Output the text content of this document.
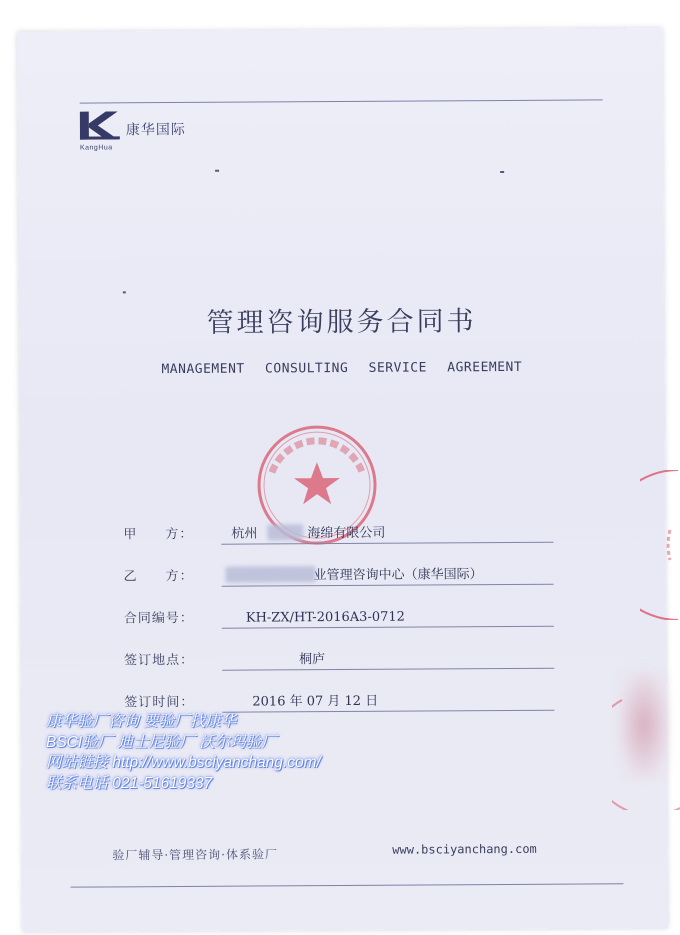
康华国际
KangHua
管理咨询服务合同书
MANAGEMENT CONSULTING SERVICE AGREEMENT
甲　　方：	杭州	海绵有限公司
乙　　方：	业管理咨询中心（康华国际）
合同编号：	KH-ZX/HT-2016A3-0712
签订地点：	桐庐
签订时间：	2016 年 07 月 12 日
验厂辅导·管理咨询·体系验厂	www.bsciyanchang.com
康华验厂咨询 要验厂找康华
BSCI验厂 迪士尼验厂 沃尔玛验厂
网站链接 http://www.bsciyanchang.com/
联系电话 021-51619337
